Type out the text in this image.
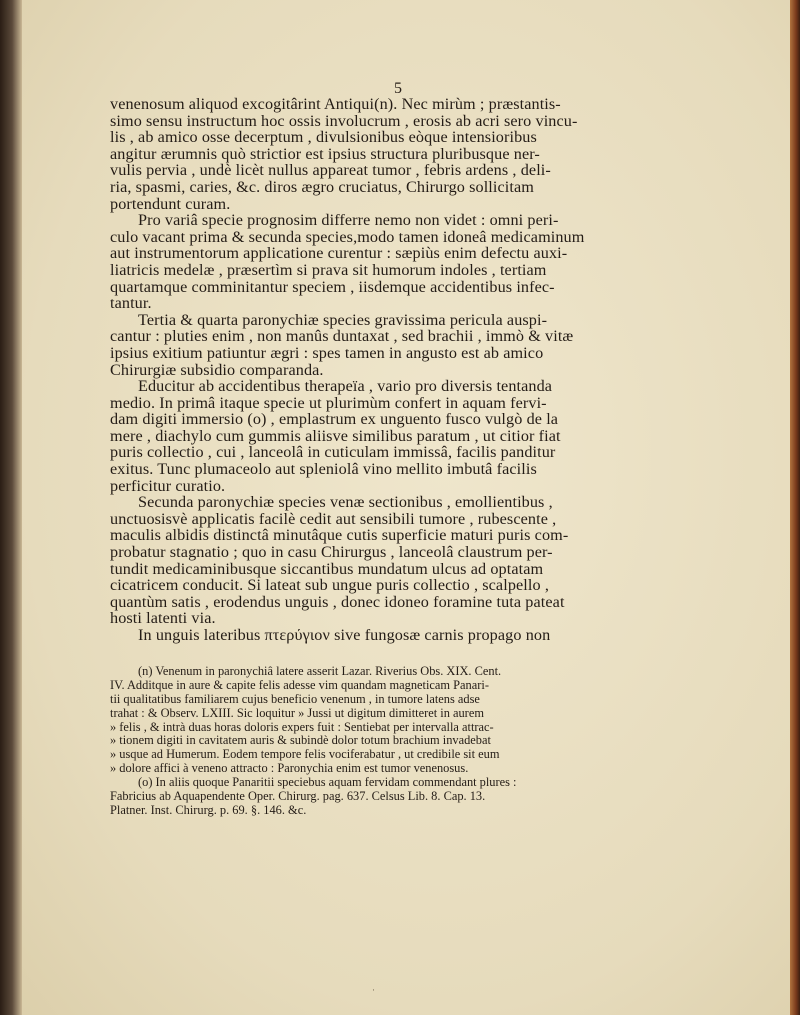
5
venenosum aliquod excogitârint Antiqui(n). Nec mirùm ; præstantis-
simo sensu instructum hoc ossis involucrum , erosis ab acri sero vincu-
lis , ab amico osse decerptum , divulsionibus eòque intensioribus
angitur ærumnis quò strictior est ipsius structura pluribusque ner-
vulis pervia , undè licèt nullus appareat tumor , febris ardens , deli-
ria, spasmi, caries, &c. diros ægro cruciatus, Chirurgo sollicitam
portendunt curam.
Pro variâ specie prognosim differre nemo non videt : omni peri-
culo vacant prima & secunda species,modo tamen idoneâ medicaminum
aut instrumentorum applicatione curentur : sæpiùs enim defectu auxi-
liatricis medelæ , præsertìm si prava sit humorum indoles , tertiam
quartamque comminitantur speciem , iisdemque accidentibus infec-
tantur.
Tertia & quarta paronychiæ species gravissima pericula auspi-
cantur : pluties enim , non manûs duntaxat , sed brachii , immò & vitæ
ipsius exitium patiuntur ægri : spes tamen in angusto est ab amico
Chirurgiæ subsidio comparanda.
Educitur ab accidentibus therapeïa , vario pro diversis tentanda
medio. In primâ itaque specie ut plurimùm confert in aquam fervi-
dam digiti immersio (o) , emplastrum ex unguento fusco vulgò de la
mere , diachylo cum gummis aliisve similibus paratum , ut citior fiat
puris collectio , cui , lanceolâ in cuticulam immissâ, facilis panditur
exitus. Tunc plumaceolo aut spleniolâ vino mellito imbutâ facilis
perficitur curatio.
Secunda paronychiæ species venæ sectionibus , emollientibus ,
unctuosisvè applicatis facilè cedit aut sensibili tumore , rubescente ,
maculis albidis distinctâ minutâque cutis superficie maturi puris com-
probatur stagnatio ; quo in casu Chirurgus , lanceolâ claustrum per-
tundit medicaminibusque siccantibus mundatum ulcus ad optatam
cicatricem conducit. Si lateat sub ungue puris collectio , scalpello ,
quantùm satis , erodendus unguis , donec idoneo foramine tuta pateat
hosti latenti via.
In unguis lateribus πτερύγιον sive fungosæ carnis propago non
(n) Venenum in paronychiâ latere asserit Lazar. Riverius Obs. XIX. Cent.
IV. Additque in aure & capite felis adesse vim quandam magneticam Panari-
tii qualitatibus familiarem cujus beneficio venenum , in tumore latens adse
trahat : & Observ. LXIII. Sic loquitur » Jussi ut digitum dimitteret in aurem
» felis , & intrà duas horas doloris expers fuit : Sentiebat per intervalla attrac-
» tionem digiti in cavitatem auris & subindè dolor totum brachium invadebat
» usque ad Humerum. Eodem tempore felis vociferabatur , ut credibile sit eum
» dolore affici à veneno attracto : Paronychia enim est tumor venenosus.
(o) In aliis quoque Panaritii speciebus aquam fervidam commendant plures :
Fabricius ab Aquapendente Oper. Chirurg. pag. 637. Celsus Lib. 8. Cap. 13.
Platner. Inst. Chirurg. p. 69. §. 146. &c.
·
